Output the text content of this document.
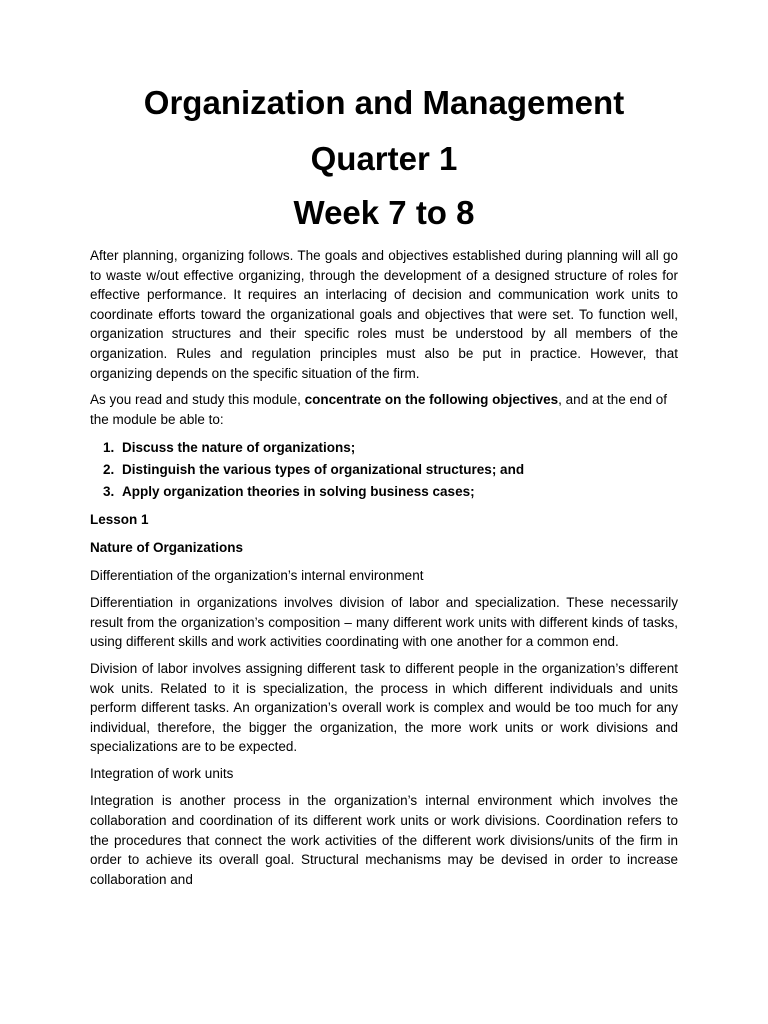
Organization and Management
Quarter 1
Week 7 to 8

After planning, organizing follows. The goals and objectives established during planning will all go to waste w/out effective organizing, through the development of a designed structure of roles for effective performance. It requires an interlacing of decision and communication work units to coordinate efforts toward the organizational goals and objectives that were set. To function well, organization structures and their specific roles must be understood by all members of the organization. Rules and regulation principles must also be put in practice. However, that organizing depends on the specific situation of the firm.

As you read and study this module, concentrate on the following objectives, and at the end of the module be able to:

1. Discuss the nature of organizations;
2. Distinguish the various types of organizational structures; and
3. Apply organization theories in solving business cases;

Lesson 1

Nature of Organizations

Differentiation of the organization’s internal environment

Differentiation in organizations involves division of labor and specialization. These necessarily result from the organization’s composition – many different work units with different kinds of tasks, using different skills and work activities coordinating with one another for a common end.

Division of labor involves assigning different task to different people in the organization’s different wok units. Related to it is specialization, the process in which different individuals and units perform different tasks. An organization’s overall work is complex and would be too much for any individual, therefore, the bigger the organization, the more work units or work divisions and specializations are to be expected.

Integration of work units

Integration is another process in the organization’s internal environment which involves the collaboration and coordination of its different work units or work divisions. Coordination refers to the procedures that connect the work activities of the different work divisions/units of the firm in order to achieve its overall goal. Structural mechanisms may be devised in order to increase collaboration and
